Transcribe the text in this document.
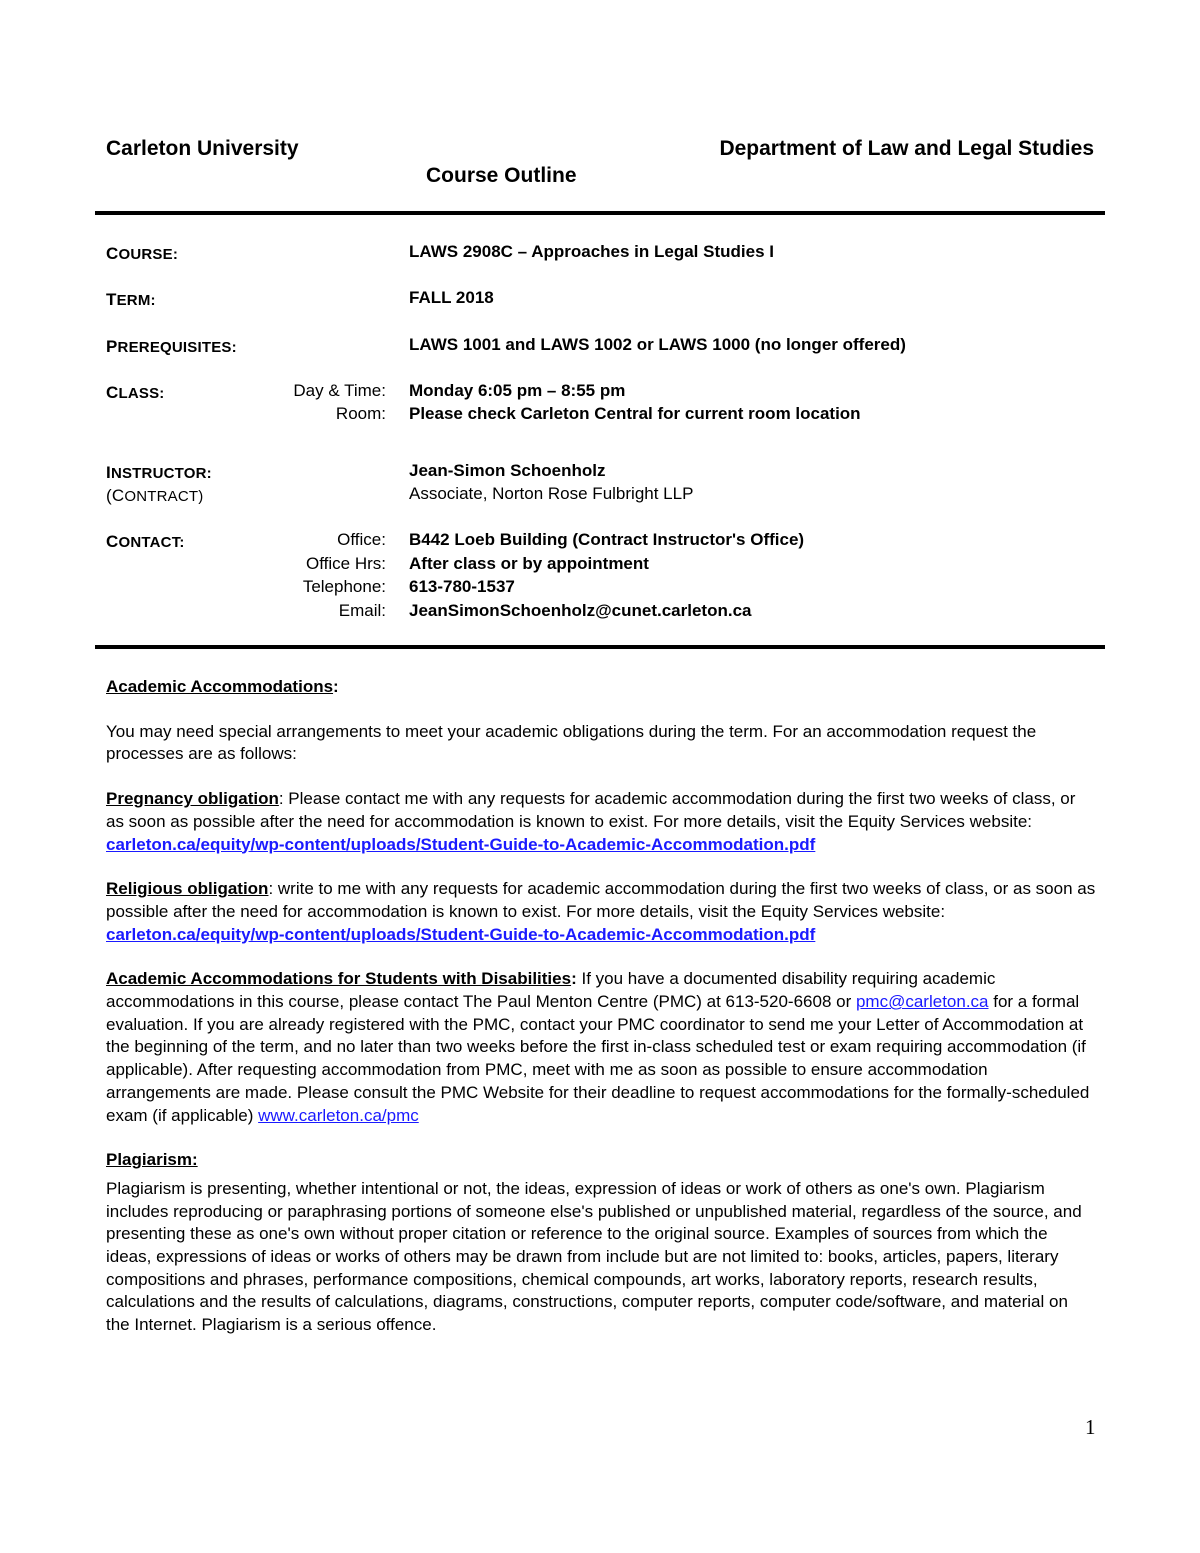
Carleton University	Department of Law and Legal Studies
Course Outline
COURSE:	LAWS 2908C – Approaches in Legal Studies I
TERM:	FALL 2018
PREREQUISITES:	LAWS 1001 and LAWS 1002 or LAWS 1000 (no longer offered)
CLASS:	Day & Time: Monday 6:05 pm – 8:55 pm
Room: Please check Carleton Central for current room location
INSTRUCTOR:
(CONTRACT)
Jean-Simon Schoenholz
Associate, Norton Rose Fulbright LLP
CONTACT:	Office: B442 Loeb Building (Contract Instructor's Office)
Office Hrs: After class or by appointment
Telephone: 613-780-1537
Email: JeanSimonSchoenholz@cunet.carleton.ca

Academic Accommodations:

You may need special arrangements to meet your academic obligations during the term. For an accommodation request the processes are as follows:

Pregnancy obligation: Please contact me with any requests for academic accommodation during the first two weeks of class, or as soon as possible after the need for accommodation is known to exist. For more details, visit the Equity Services website: carleton.ca/equity/wp-content/uploads/Student-Guide-to-Academic-Accommodation.pdf

Religious obligation: write to me with any requests for academic accommodation during the first two weeks of class, or as soon as possible after the need for accommodation is known to exist. For more details, visit the Equity Services website: carleton.ca/equity/wp-content/uploads/Student-Guide-to-Academic-Accommodation.pdf

Academic Accommodations for Students with Disabilities: If you have a documented disability requiring academic accommodations in this course, please contact The Paul Menton Centre (PMC) at 613-520-6608 or pmc@carleton.ca for a formal evaluation. If you are already registered with the PMC, contact your PMC coordinator to send me your Letter of Accommodation at the beginning of the term, and no later than two weeks before the first in-class scheduled test or exam requiring accommodation (if applicable). After requesting accommodation from PMC, meet with me as soon as possible to ensure accommodation arrangements are made. Please consult the PMC Website for their deadline to request accommodations for the formally-scheduled exam (if applicable) www.carleton.ca/pmc

Plagiarism:

Plagiarism is presenting, whether intentional or not, the ideas, expression of ideas or work of others as one's own. Plagiarism includes reproducing or paraphrasing portions of someone else's published or unpublished material, regardless of the source, and presenting these as one's own without proper citation or reference to the original source. Examples of sources from which the ideas, expressions of ideas or works of others may be drawn from include but are not limited to: books, articles, papers, literary compositions and phrases, performance compositions, chemical compounds, art works, laboratory reports, research results, calculations and the results of calculations, diagrams, constructions, computer reports, computer code/software, and material on the Internet. Plagiarism is a serious offence.

1
